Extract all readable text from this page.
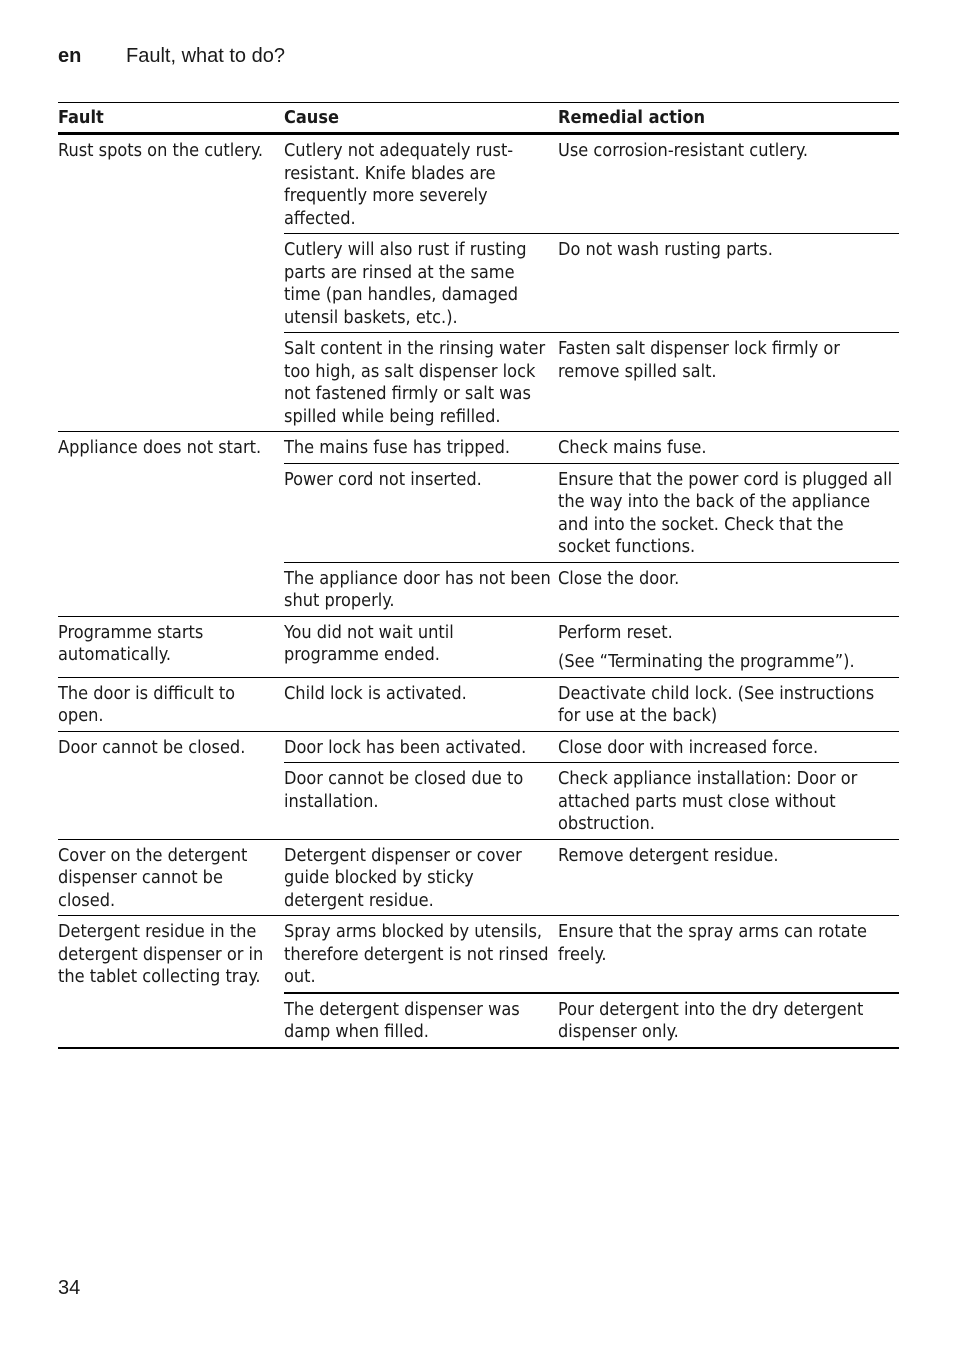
en Fault, what to do?
Fault	Cause	Remedial action
Rust spots on the cutlery.	Cutlery not adequately rust-resistant. Knife blades are frequently more severely affected.	Use corrosion-resistant cutlery.

	Cutlery will also rust if rusting parts are rinsed at the same time (pan handles, damaged utensil baskets, etc.).	Do not wash rusting parts.

	Salt content in the rinsing water too high, as salt dispenser lock not fastened firmly or salt was spilled while being refilled.	Fasten salt dispenser lock firmly or remove spilled salt.

Appliance does not start.	The mains fuse has tripped.	Check mains fuse.

	Power cord not inserted.	Ensure that the power cord is plugged all the way into the back of the appliance and into the socket. Check that the socket functions.

	The appliance door has not been shut properly.	Close the door.

Programme starts automatically.	You did not wait until programme ended.	Perform reset.
(See “Terminating the programme”).

The door is difficult to open.	Child lock is activated.	Deactivate child lock. (See instructions for use at the back)

Door cannot be closed.	Door lock has been activated.	Close door with increased force.

	Door cannot be closed due to installation.	Check appliance installation: Door or attached parts must close without obstruction.

Cover on the detergent dispenser cannot be closed.	Detergent dispenser or cover guide blocked by sticky detergent residue.	Remove detergent residue.

Detergent residue in the detergent dispenser or in the tablet collecting tray.	Spray arms blocked by utensils, therefore detergent is not rinsed out.	Ensure that the spray arms can rotate freely.

	The detergent dispenser was damp when filled.	Pour detergent into the dry detergent dispenser only.
34
